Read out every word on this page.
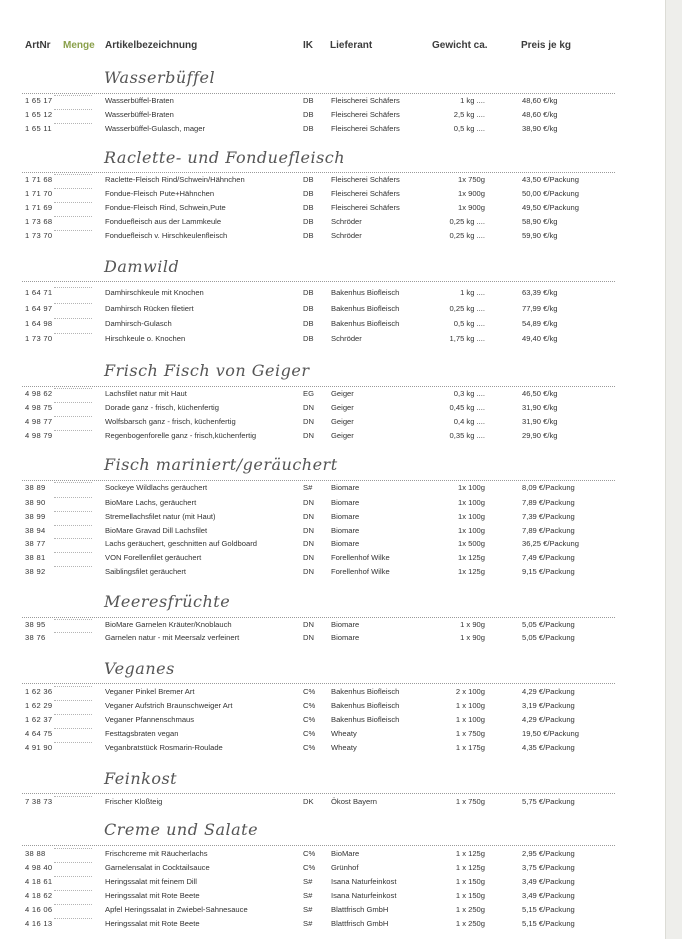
ArtNr Menge Artikelbezeichnung	IK Lieferant	Gewicht ca.	Preis je kg
Wasserbüffel
1 65 17	Wasserbüffel-Braten	DB Fleischerei Schäfers	1 kg ....	48,60 €/kg
1 65 12	Wasserbüffel-Braten	DB Fleischerei Schäfers	2,5 kg ....	48,60 €/kg
1 65 11	Wasserbüffel-Gulasch, mager	DB Fleischerei Schäfers	0,5 kg ....	38,90 €/kg
Raclette- und Fonduefleisch
1 71 68	Raclette-Fleisch Rind/Schwein/Hähnchen	DB Fleischerei Schäfers	1x 750g	43,50 €/Packung
1 71 70	Fondue-Fleisch Pute+Hähnchen	DB Fleischerei Schäfers	1x 900g	50,00 €/Packung
1 71 69	Fondue-Fleisch Rind, Schwein,Pute	DB Fleischerei Schäfers	1x 900g	49,50 €/Packung
1 73 68	Fonduefleisch aus der Lammkeule	DB Schröder	0,25 kg ....	58,90 €/kg
1 73 70	Fonduefleisch v. Hirschkeulenfleisch	DB Schröder	0,25 kg ....	59,90 €/kg
Damwild
1 64 71	Damhirschkeule mit Knochen	DB Bakenhus Biofleisch	1 kg ....	63,39 €/kg
1 64 97	Damhirsch Rücken filetiert	DB Bakenhus Biofleisch	0,25 kg ....	77,99 €/kg
1 64 98	Damhirsch-Gulasch	DB Bakenhus Biofleisch	0,5 kg ....	54,89 €/kg
1 73 70	Hirschkeule o. Knochen	DB Schröder	1,75 kg ....	49,40 €/kg
Frisch Fisch von Geiger
4 98 62	Lachsfilet natur mit Haut	EG Geiger	0,3 kg ....	46,50 €/kg
4 98 75	Dorade ganz - frisch, küchenfertig	DN Geiger	0,45 kg ....	31,90 €/kg
4 98 77	Wolfsbarsch ganz - frisch, küchenfertig	DN Geiger	0,4 kg ....	31,90 €/kg
4 98 79	Regenbogenforelle ganz - frisch,küchenfertig	DN Geiger	0,35 kg ....	29,90 €/kg
Fisch mariniert/geräuchert
38 89	Sockeye Wildlachs geräuchert	S# Biomare	1x 100g	8,09 €/Packung
38 90	BioMare Lachs, geräuchert	DN Biomare	1x 100g	7,89 €/Packung
38 99	Stremellachsfilet natur (mit Haut)	DN Biomare	1x 100g	7,39 €/Packung
38 94	BioMare Gravad Dill Lachsfilet	DN Biomare	1x 100g	7,89 €/Packung
38 77	Lachs geräuchert, geschnitten auf Goldboard	DN Biomare	1x 500g	36,25 €/Packung
38 81	VON Forellenfilet geräuchert	DN Forellenhof Wilke	1x 125g	7,49 €/Packung
38 92	Saiblingsfilet geräuchert	DN Forellenhof Wilke	1x 125g	9,15 €/Packung
Meeresfrüchte
38 95	BioMare Garnelen Kräuter/Knoblauch	DN Biomare	1 x 90g	5,05 €/Packung
38 76	Garnelen natur - mit Meersalz verfeinert	DN Biomare	1 x 90g	5,05 €/Packung
Veganes
1 62 36	Veganer Pinkel Bremer Art	C% Bakenhus Biofleisch	2 x 100g	4,29 €/Packung
1 62 29	Veganer Aufstrich Braunschweiger Art	C% Bakenhus Biofleisch	1 x 100g	3,19 €/Packung
1 62 37	Veganer Pfannenschmaus	C% Bakenhus Biofleisch	1 x 100g	4,29 €/Packung
4 64 75	Festtagsbraten vegan	C% Wheaty	1 x 750g	19,50 €/Packung
4 91 90	Veganbratstück Rosmarin-Roulade	C% Wheaty	1 x 175g	4,35 €/Packung
Feinkost
7 38 73	Frischer Kloßteig	DK Ökost Bayern	1 x 750g	5,75 €/Packung
Creme und Salate
38 88	Frischcreme mit Räucherlachs	C% BioMare	1 x 125g	2,95 €/Packung
4 98 40	Garnelensalat in Cocktailsauce	C% Grünhof	1 x 125g	3,75 €/Packung
4 18 61	Heringssalat mit feinem Dill	S# Isana Naturfeinkost	1 x 150g	3,49 €/Packung
4 18 62	Heringssalat mit Rote Beete	S# Isana Naturfeinkost	1 x 150g	3,49 €/Packung
4 16 06	Apfel Heringssalat in Zwiebel-Sahnesauce	S# Blattfrisch GmbH	1 x 250g	5,15 €/Packung
4 16 13	Heringssalat mit Rote Beete	S# Blattfrisch GmbH	1 x 250g	5,15 €/Packung
